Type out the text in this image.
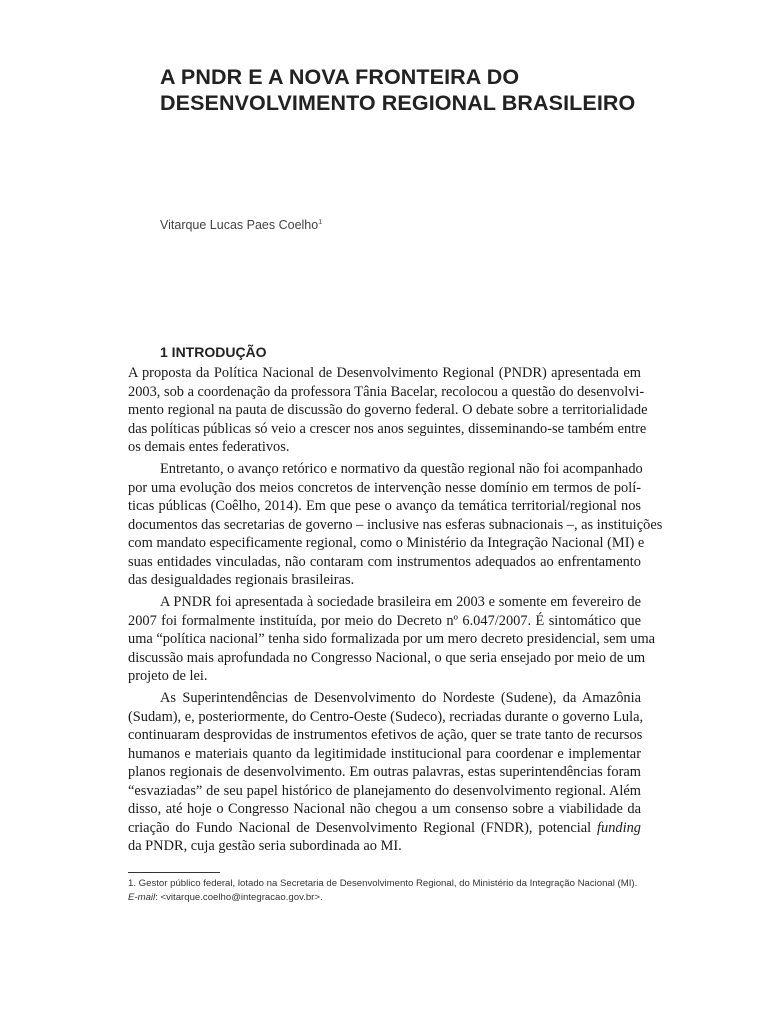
A PNDR E A NOVA FRONTEIRA DO
DESENVOLVIMENTO REGIONAL BRASILEIRO
Vitarque Lucas Paes Coelho$^1$
1 INTRODUÇÃO

A proposta da Política Nacional de Desenvolvimento Regional (PNDR) apresentada em
2003, sob a coordenação da professora Tânia Bacelar, recolocou a questão do desenvolvi-
mento regional na pauta de discussão do governo federal. O debate sobre a territorialidade
das políticas públicas só veio a crescer nos anos seguintes, disseminando-se também entre
os demais entes federativos.

Entretanto, o avanço retórico e normativo da questão regional não foi acompanhado
por uma evolução dos meios concretos de intervenção nesse domínio em termos de polí-
ticas públicas (Coêlho, 2014). Em que pese o avanço da temática territorial/regional nos
documentos das secretarias de governo – inclusive nas esferas subnacionais –, as instituições
com mandato especificamente regional, como o Ministério da Integração Nacional (MI) e
suas entidades vinculadas, não contaram com instrumentos adequados ao enfrentamento
das desigualdades regionais brasileiras.

A PNDR foi apresentada à sociedade brasileira em 2003 e somente em fevereiro de
2007 foi formalmente instituída, por meio do Decreto nº 6.047/2007. É sintomático que
uma “política nacional” tenha sido formalizada por um mero decreto presidencial, sem uma
discussão mais aprofundada no Congresso Nacional, o que seria ensejado por meio de um
projeto de lei.

As Superintendências de Desenvolvimento do Nordeste (Sudene), da Amazônia
(Sudam), e, posteriormente, do Centro-Oeste (Sudeco), recriadas durante o governo Lula,
continuaram desprovidas de instrumentos efetivos de ação, quer se trate tanto de recursos
humanos e materiais quanto da legitimidade institucional para coordenar e implementar
planos regionais de desenvolvimento. Em outras palavras, estas superintendências foram
“esvaziadas” de seu papel histórico de planejamento do desenvolvimento regional. Além
disso, até hoje o Congresso Nacional não chegou a um consenso sobre a viabilidade da
criação do Fundo Nacional de Desenvolvimento Regional (FNDR), potencial funding
da PNDR, cuja gestão seria subordinada ao MI.

1. Gestor público federal, lotado na Secretaria de Desenvolvimento Regional, do Ministério da Integração Nacional (MI).
E-mail: <vitarque.coelho@integracao.gov.br>.
